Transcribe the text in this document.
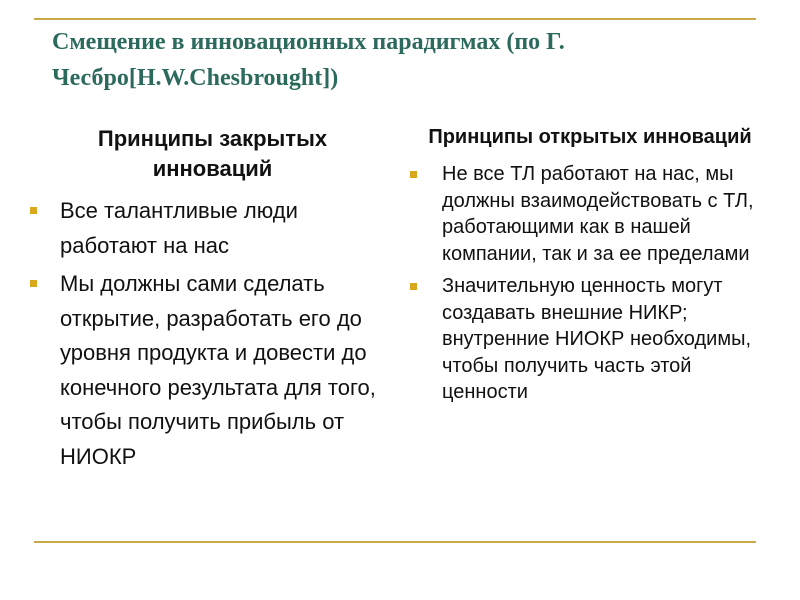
Смещение в инновационных парадигмах (по Г. Чесбро[H.W.Chesbrought])
Принципы закрытых инноваций
Все талантливые люди работают на нас
Мы должны сами сделать открытие, разработать его до уровня продукта и довести до конечного результата для того, чтобы получить прибыль от НИОКР
Принципы открытых инноваций
Не все ТЛ работают на нас, мы должны взаимодействовать с ТЛ, работающими как в нашей компании, так и за ее пределами
Значительную ценность могут создавать внешние НИКР; внутренние НИОКР необходимы, чтобы получить часть этой ценности
